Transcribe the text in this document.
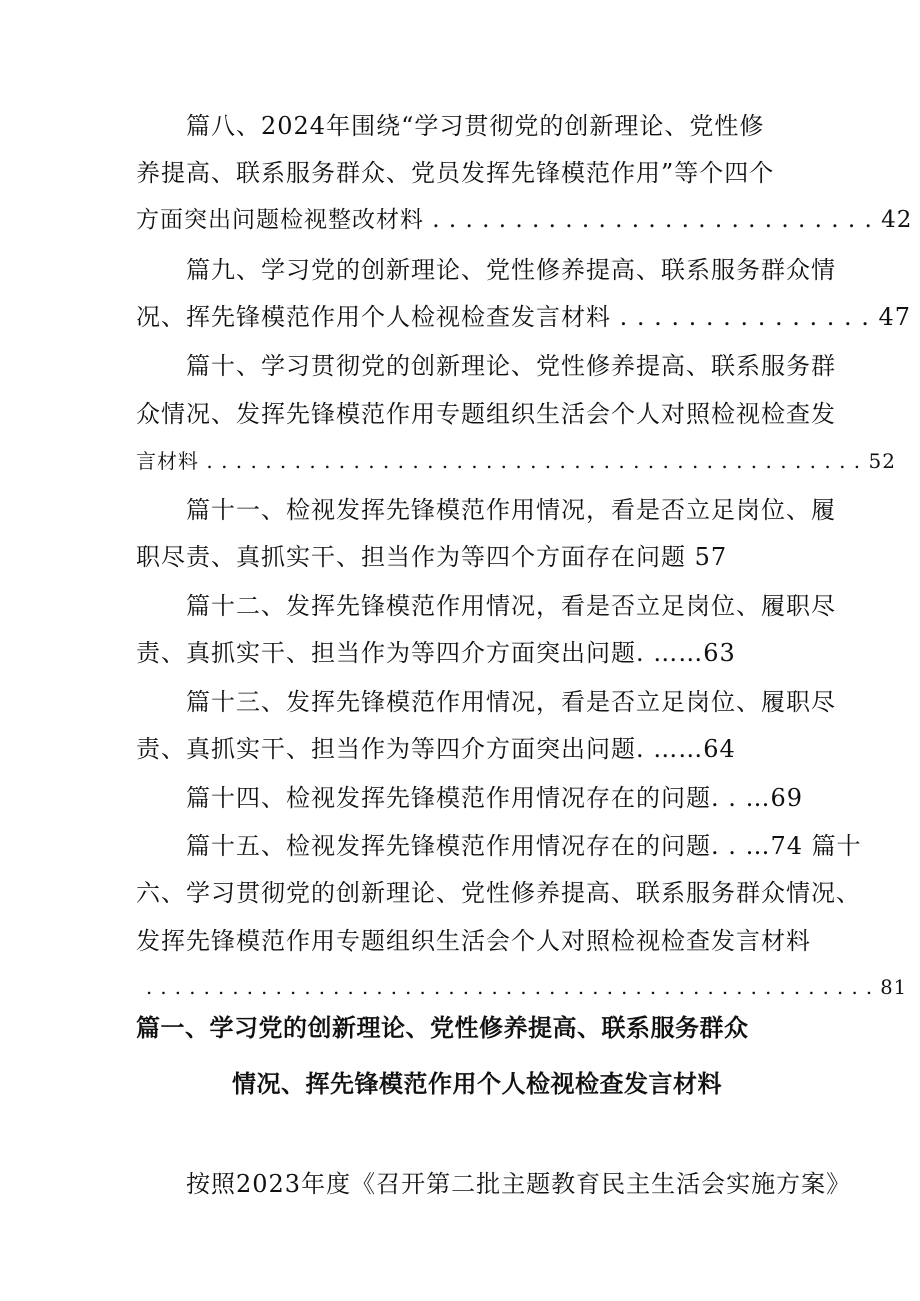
篇八、2024年围绕“学习贯彻党的创新理论、党性修
养提高、联系服务群众、党员发挥先锋模范作用”等个四个
方面突出问题检视整改材料 . . . . . . . . . . . . . . . . . . . . . . . . . . . 42
篇九、学习党的创新理论、党性修养提高、联系服务群众情
况、挥先锋模范作用个人检视检查发言材料 . . . . . . . . . . . . . . . 47
篇十、学习贯彻党的创新理论、党性修养提高、联系服务群
众情况、发挥先锋模范作用专题组织生活会个人对照检视检查发
言材料 . . . . . . . . . . . . . . . . . . . . . . . . . . . . . . . . . . . . . . . . . . . . . 52
篇十一、检视发挥先锋模范作用情况，看是否立足岗位、履
职尽责、真抓实干、担当作为等四个方面存在问题 57
篇十二、发挥先锋模范作用情况，看是否立足岗位、履职尽
责、真抓实干、担当作为等四介方面突出问题. ……63
篇十三、发挥先锋模范作用情况，看是否立足岗位、履职尽
责、真抓实干、担当作为等四介方面突出问题. ……64
篇十四、检视发挥先锋模范作用情况存在的问题. . …69
篇十五、检视发挥先锋模范作用情况存在的问题. . …74 篇十
六、学习贯彻党的创新理论、党性修养提高、联系服务群众情况、
发挥先锋模范作用专题组织生活会个人对照检视检查发言材料
. . . . . . . . . . . . . . . . . . . . . . . . . . . . . . . . . . . . . . . . . . . . . . . . . . . 81
篇一、学习党的创新理论、党性修养提高、联系服务群众
情况、挥先锋模范作用个人检视检查发言材料
按照2023年度《召开第二批主题教育民主生活会实施方案》
